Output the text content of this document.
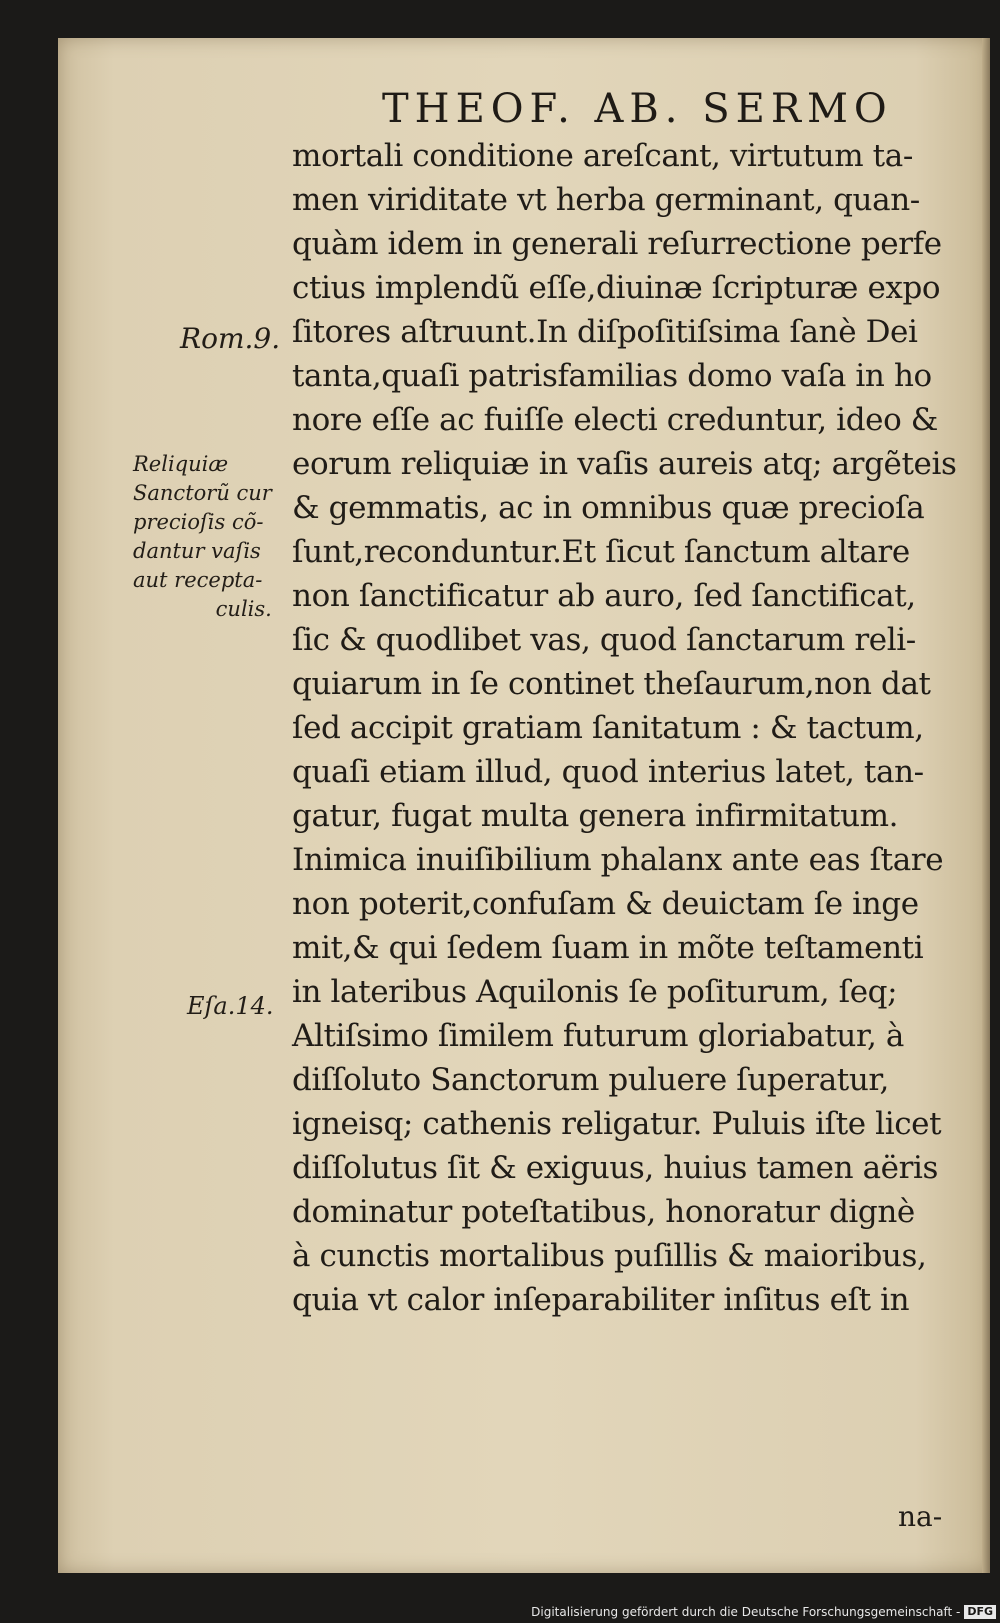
THEOF. AB. SERMO
mortali conditione areſcant, virtutum ta-
men viriditate vt herba germinant, quan-
quàm idem in generali reſurrectione perfe
ctius implendũ eſſe,diuinæ ſcripturæ expo
ſitores aſtruunt.In diſpoſitiſsima ſanè Dei
tanta,quaſi patrisfamilias domo vaſa in ho
nore eſſe ac fuiſſe electi creduntur, ideo &
eorum reliquiæ in vaſis aureis atq; argẽteis
& gemmatis, ac in omnibus quæ precioſa
ſunt,reconduntur.Et ſicut ſanctum altare
non ſanctificatur ab auro, ſed ſanctificat,
ſic & quodlibet vas, quod ſanctarum reli-
quiarum in ſe continet theſaurum,non dat
ſed accipit gratiam ſanitatum : & tactum,
quaſi etiam illud, quod interius latet, tan-
gatur, fugat multa genera infirmitatum.
Inimica inuiſibilium phalanx ante eas ſtare
non poterit,confuſam & deuictam ſe inge
mit,& qui ſedem ſuam in mõte teſtamenti
in lateribus Aquilonis ſe poſiturum, ſeq;
Altiſsimo ſimilem futurum gloriabatur, à
diſſoluto Sanctorum puluere ſuperatur,
igneisq; cathenis religatur. Puluis iſte licet
diſſolutus ſit & exiguus, huius tamen aëris
dominatur poteſtatibus, honoratur dignè
à cunctis mortalibus puſillis & maioribus,
quia vt calor inſeparabiliter inſitus eſt in
na-
Rom.9.
Reliquiæ
Sanctorũ cur
precioſis cõ-
dantur vaſis
aut recepta-
culis.
Eſa.14.
Digitalisierung gefördert durch die Deutsche Forschungsgemeinschaft - DFG
